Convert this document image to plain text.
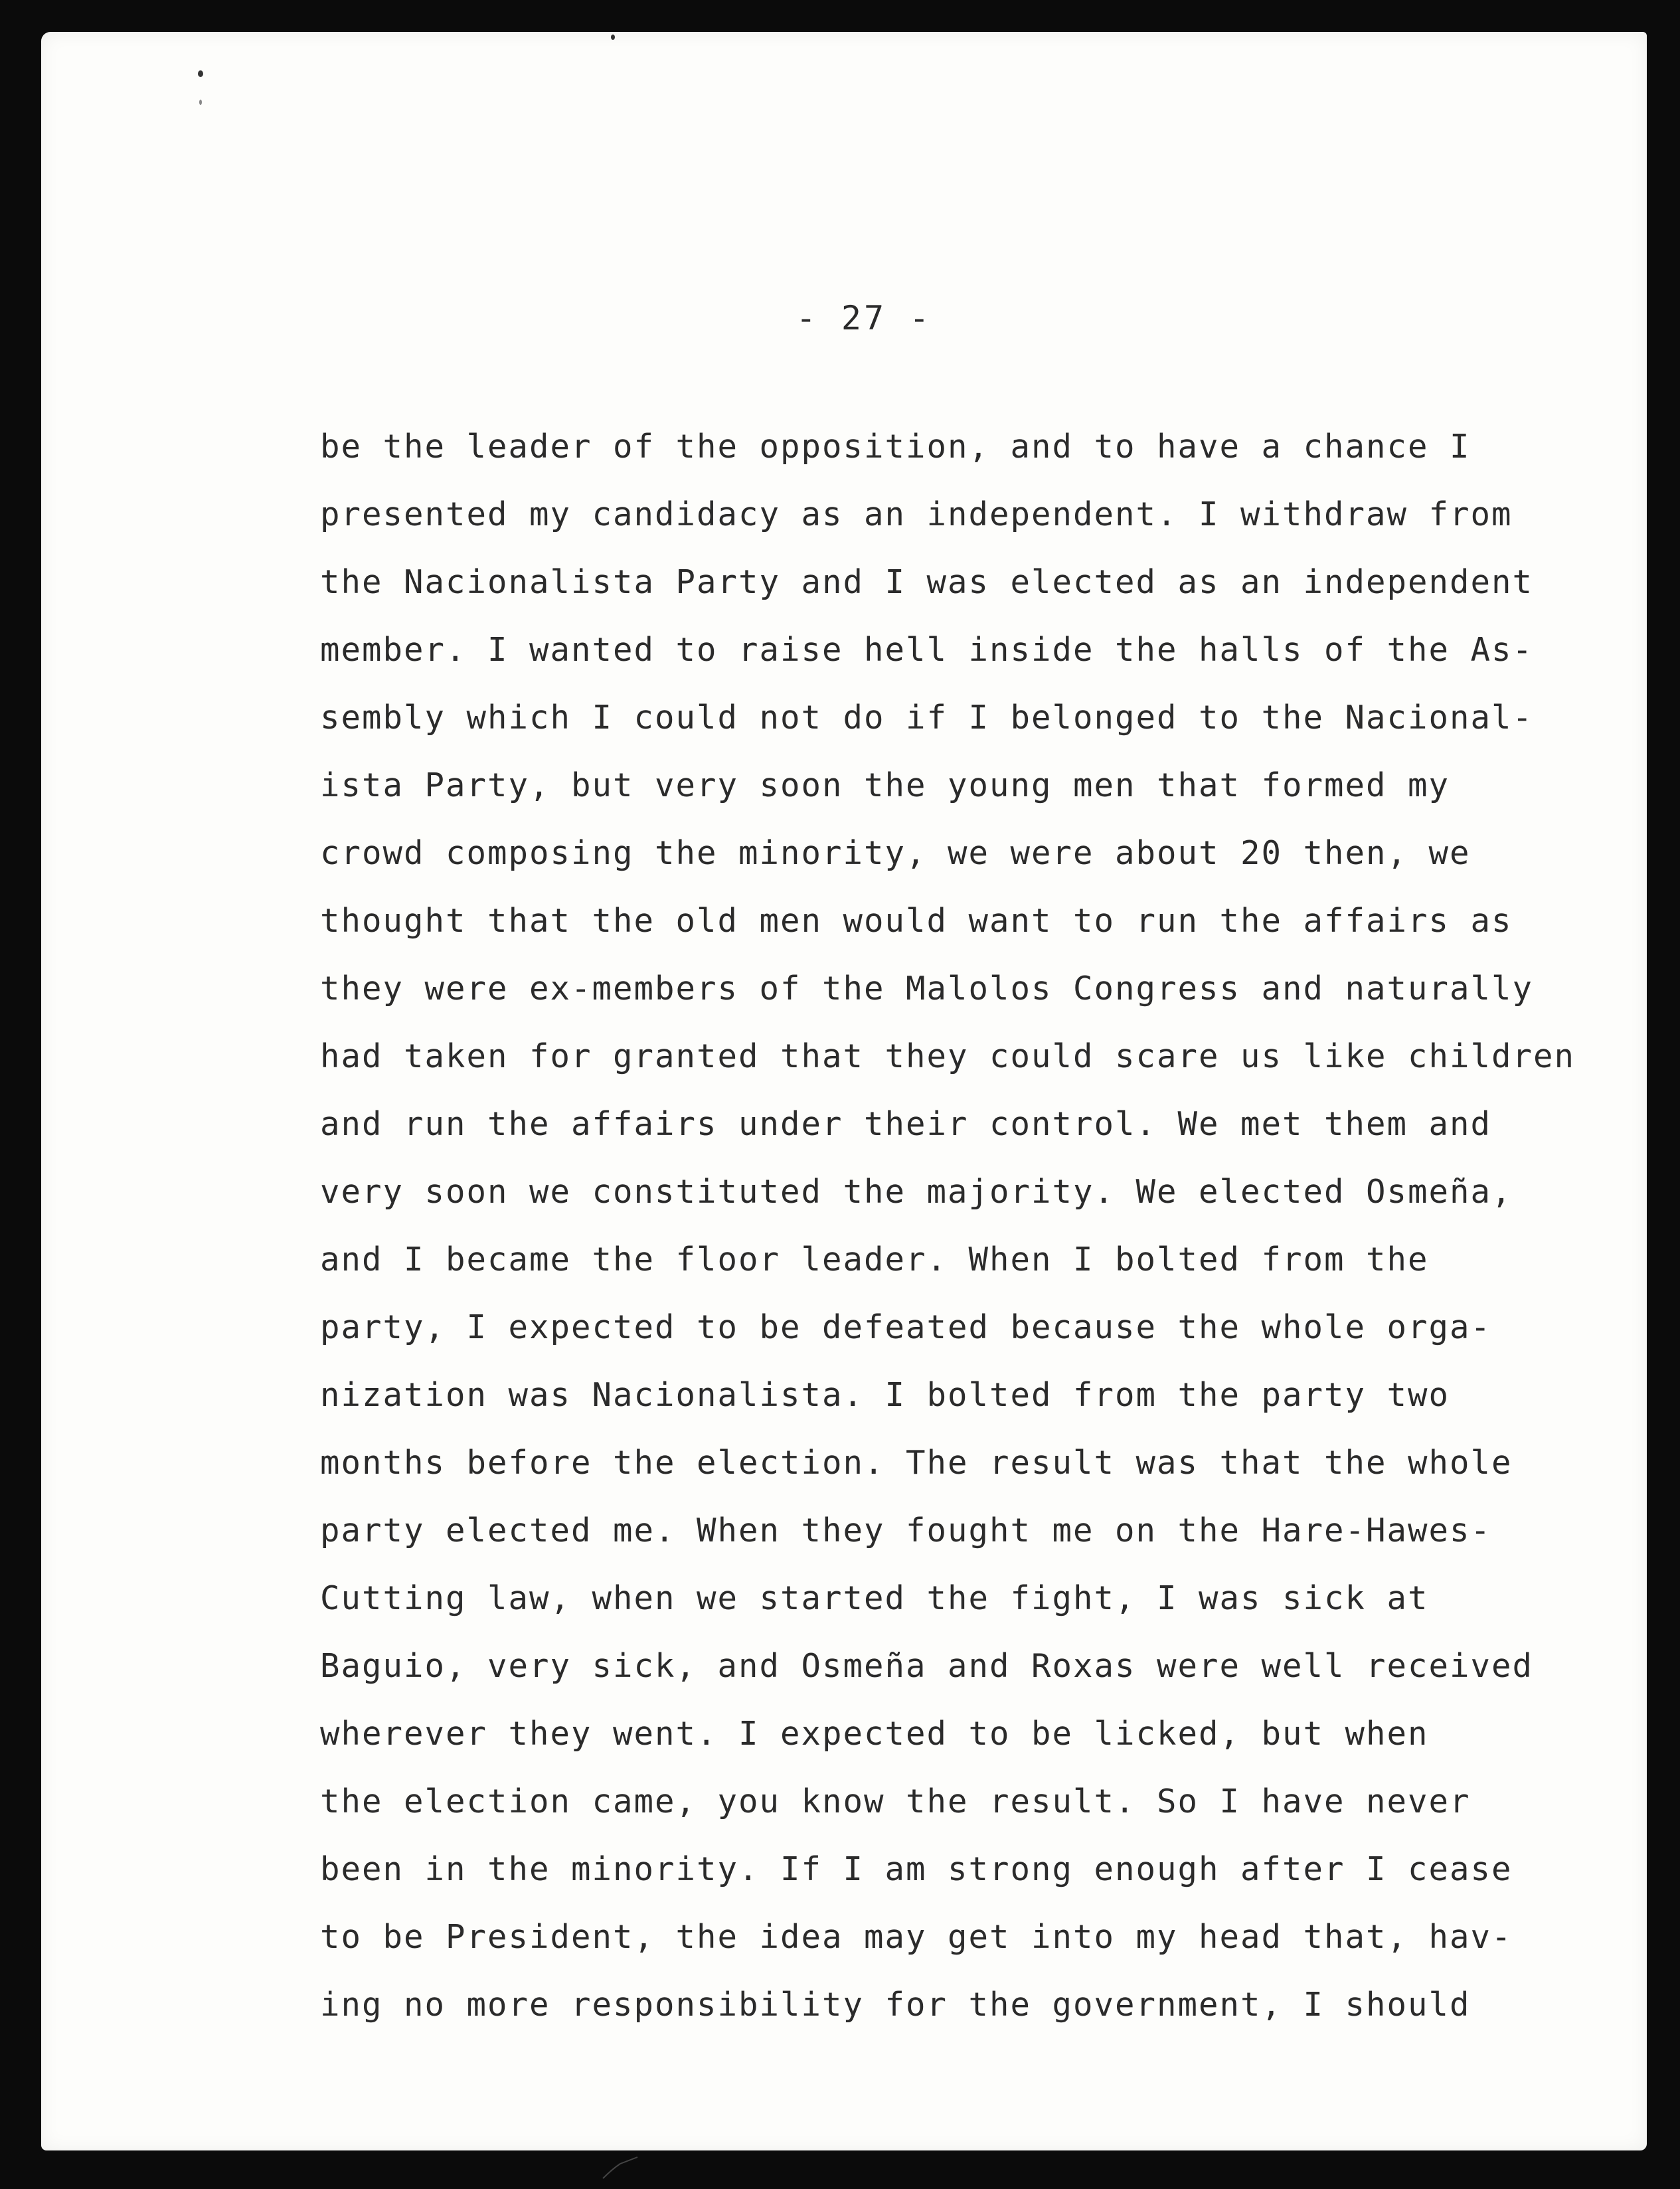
- 27 -
be the leader of the opposition, and to have a chance I
presented my candidacy as an independent. I withdraw from
the Nacionalista Party and I was elected as an independent
member. I wanted to raise hell inside the halls of the As-
sembly which I could not do if I belonged to the Nacional-
ista Party, but very soon the young men that formed my
crowd composing the minority, we were about 20 then, we
thought that the old men would want to run the affairs as
they were ex-members of the Malolos Congress and naturally
had taken for granted that they could scare us like children
and run the affairs under their control. We met them and
very soon we constituted the majority. We elected Osmeña,
and I became the floor leader. When I bolted from the
party, I expected to be defeated because the whole orga-
nization was Nacionalista. I bolted from the party two
months before the election. The result was that the whole
party elected me. When they fought me on the Hare-Hawes-
Cutting law, when we started the fight, I was sick at
Baguio, very sick, and Osmeña and Roxas were well received
wherever they went. I expected to be licked, but when
the election came, you know the result. So I have never
been in the minority. If I am strong enough after I cease
to be President, the idea may get into my head that, hav-
ing no more responsibility for the government, I should
